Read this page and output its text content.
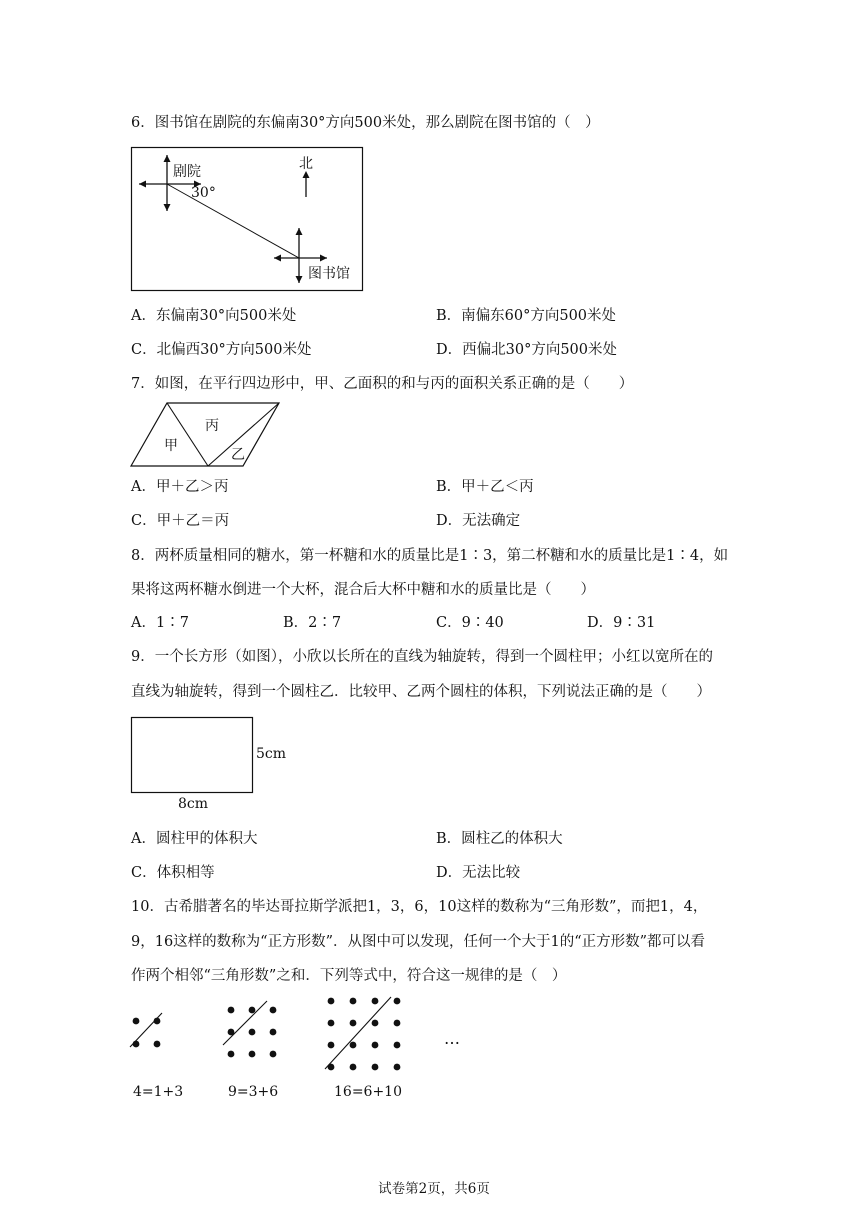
6．图书馆在剧院的东偏南30°方向500米处，那么剧院在图书馆的（　）
剧院
30°
北
图书馆
A．东偏南30°向500米处	B．南偏东60°方向500米处
C．北偏西30°方向500米处	D．西偏北30°方向500米处
7．如图，在平行四边形中，甲、乙面积的和与丙的面积关系正确的是（　　）
甲
丙
乙
A．甲＋乙＞丙	B．甲＋乙＜丙
C．甲＋乙＝丙	D．无法确定
8．两杯质量相同的糖水，第一杯糖和水的质量比是1∶3，第二杯糖和水的质量比是1∶4，如
果将这两杯糖水倒进一个大杯，混合后大杯中糖和水的质量比是（　　）
A．1∶7	B．2∶7	C．9∶40	D．9∶31
9．一个长方形（如图），小欣以长所在的直线为轴旋转，得到一个圆柱甲；小红以宽所在的
直线为轴旋转，得到一个圆柱乙．比较甲、乙两个圆柱的体积，下列说法正确的是（　　）
5cm
8cm
A．圆柱甲的体积大	B．圆柱乙的体积大
C．体积相等	D．无法比较
10．古希腊著名的毕达哥拉斯学派把1，3，6，10这样的数称为“三角形数”，而把1，4，
9，16这样的数称为“正方形数”．从图中可以发现，任何一个大于1的“正方形数”都可以看
作两个相邻“三角形数”之和．下列等式中，符合这一规律的是（　）
…
4=1+3	9=3+6	16=6+10
试卷第2页，共6页
